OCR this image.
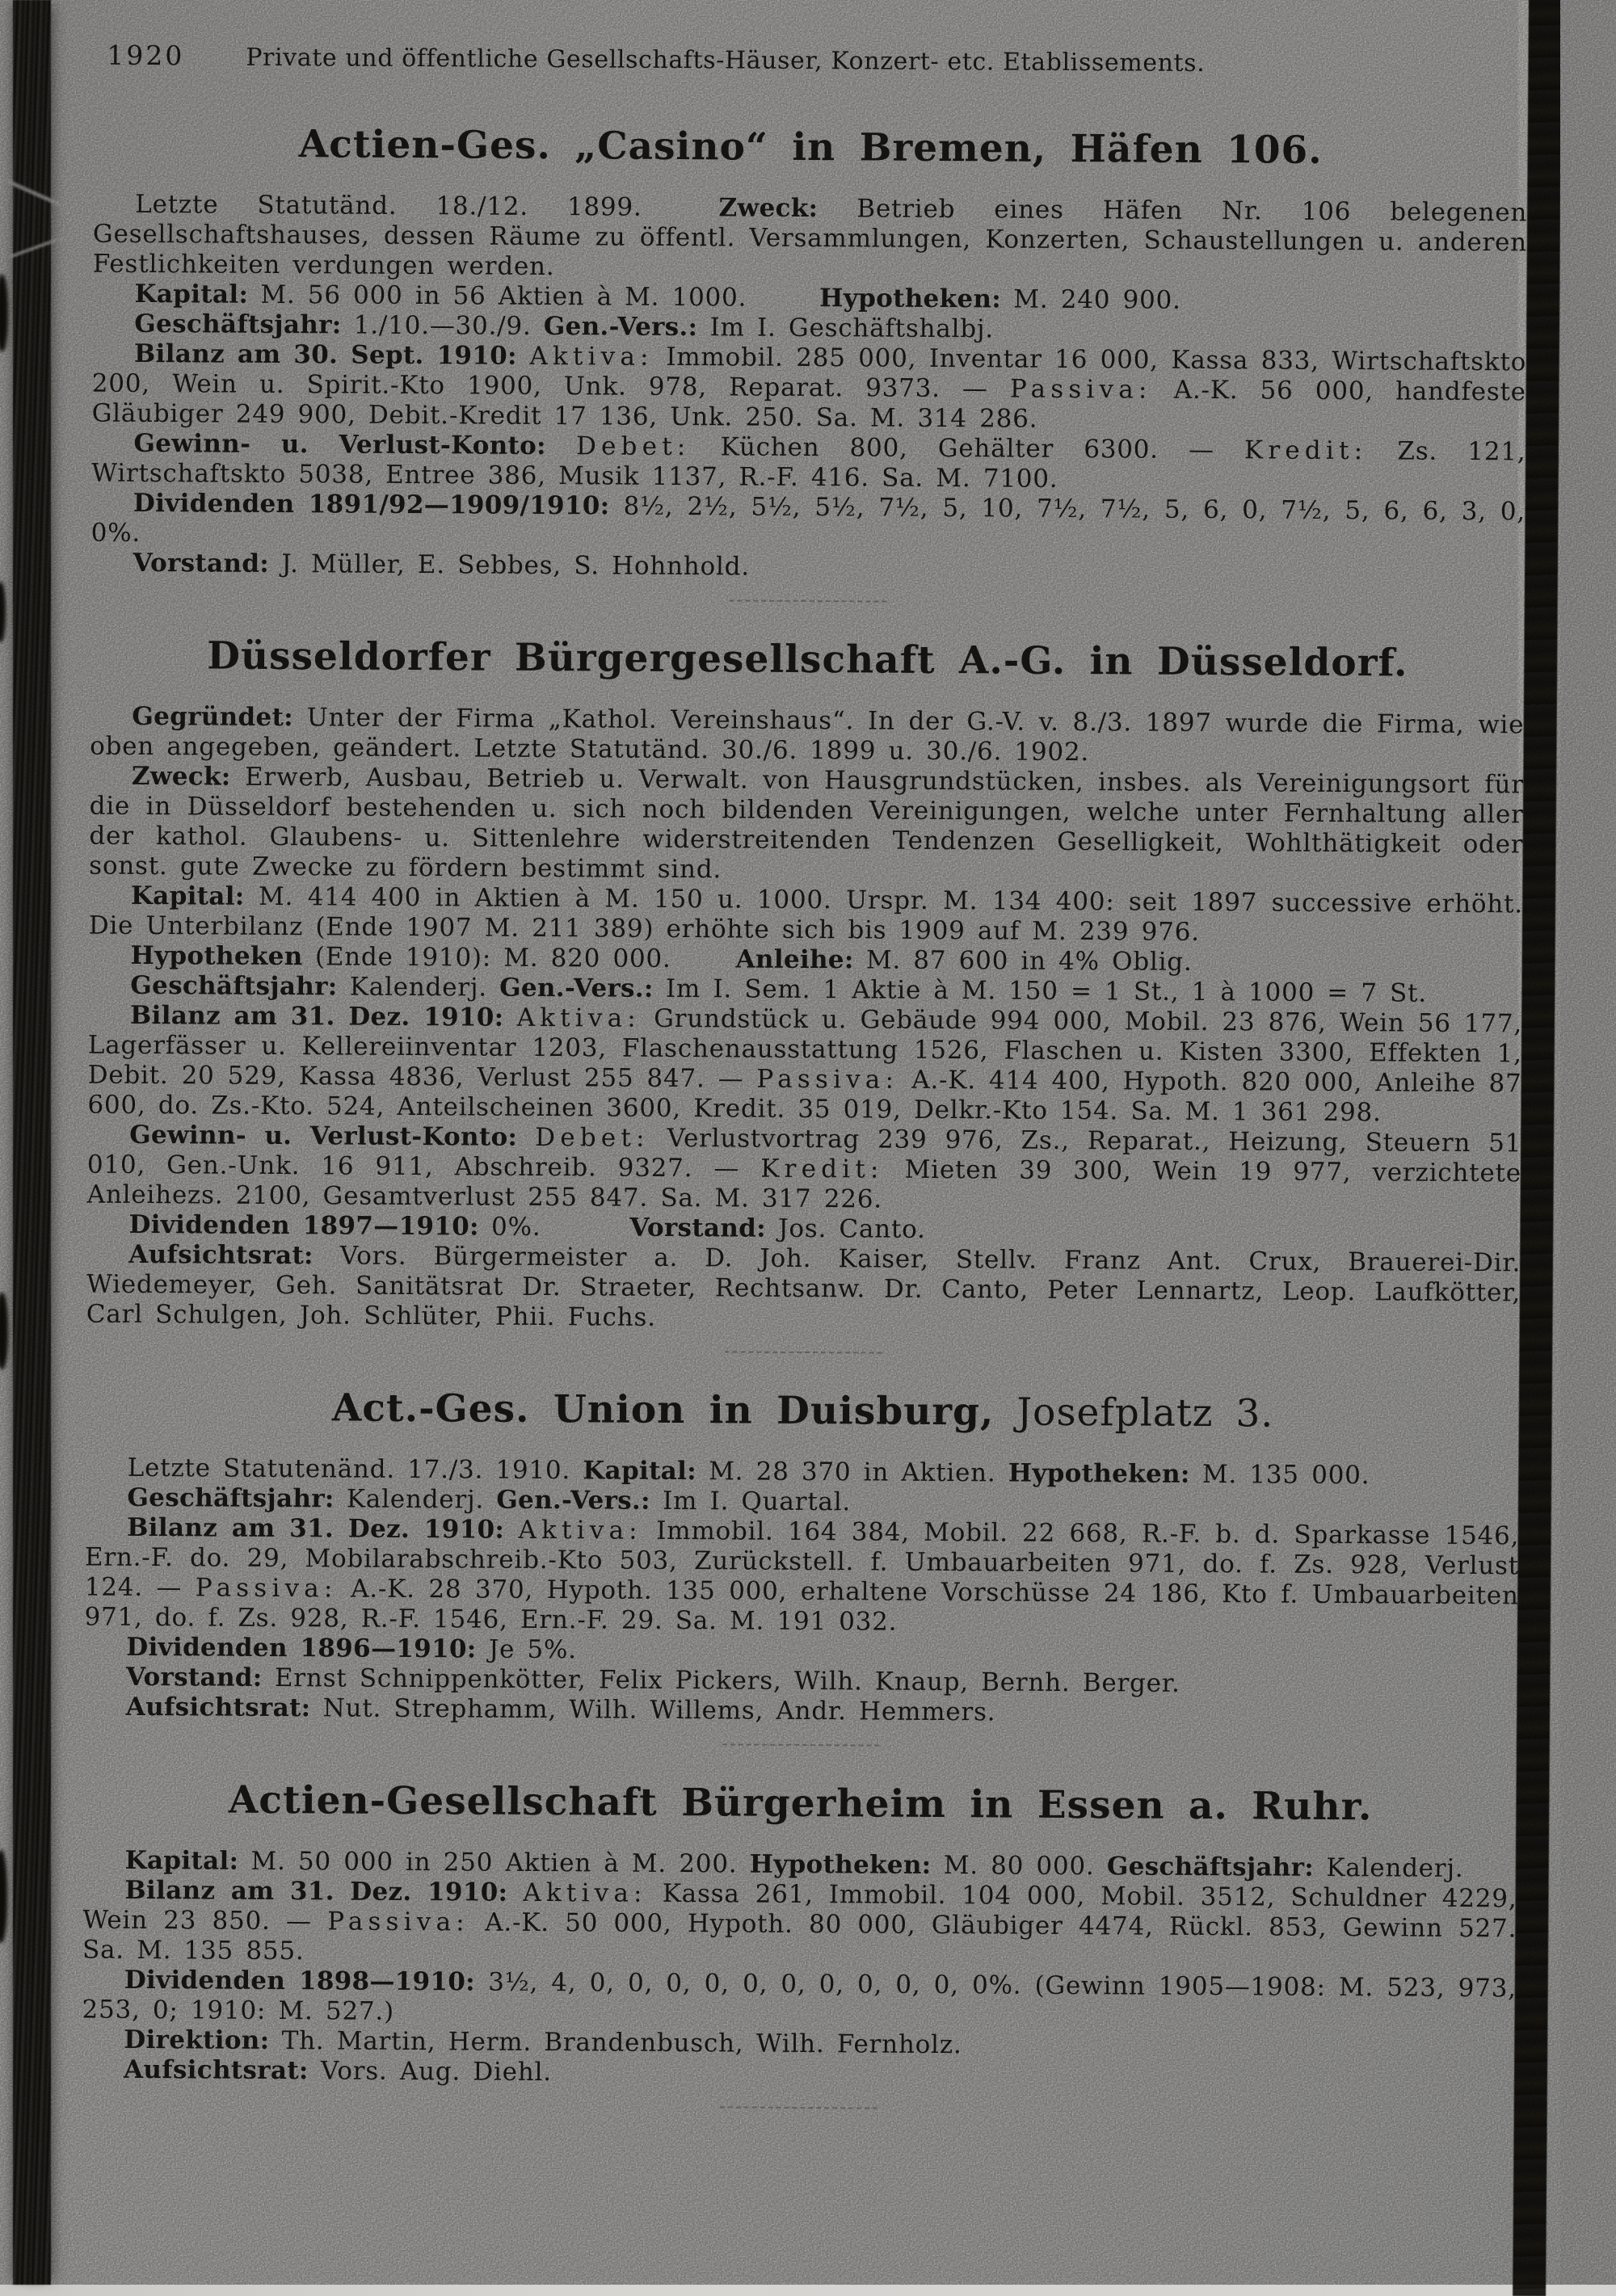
1920	Private und öffentliche Gesellschafts-Häuser, Konzert- etc. Etablissements.
Actien-Ges. „Casino“ in Bremen, Häfen 106.

Letzte Statutänd. 18./12. 1899.	Zweck: Betrieb eines Häfen Nr. 106 belegenen Gesellschaftshauses, dessen Räume zu öffentl. Versammlungen, Konzerten, Schaustellungen u. anderen Festlichkeiten verdungen werden.

Kapital: M. 56 000 in 56 Aktien à M. 1000.	Hypotheken: M. 240 900.

Geschäftsjahr: 1./10.—30./9. Gen.-Vers.: Im I. Geschäftshalbj.

Bilanz am 30. Sept. 1910: Aktiva: Immobil. 285 000, Inventar 16 000, Kassa 833, Wirtschaftskto 200, Wein u. Spirit.-Kto 1900, Unk. 978, Reparat. 9373. — Passiva: A.-K. 56 000, handfeste Gläubiger 249 900, Debit.-Kredit 17 136, Unk. 250. Sa. M. 314 286.

Gewinn- u. Verlust-Konto: Debet: Küchen 800, Gehälter 6300. — Kredit: Zs. 121, Wirtschaftskto 5038, Entree 386, Musik 1137, R.-F. 416. Sa. M. 7100.

Dividenden 1891/92—1909/1910: 8½, 2½, 5½, 5½, 7½, 5, 10, 7½, 7½, 5, 6, 0, 7½, 5, 6, 6, 3, 0, 0%.

Vorstand: J. Müller, E. Sebbes, S. Hohnhold.

Düsseldorfer Bürgergesellschaft A.-G. in Düsseldorf.

Gegründet: Unter der Firma „Kathol. Vereinshaus“. In der G.-V. v. 8./3. 1897 wurde die Firma, wie oben angegeben, geändert. Letzte Statutänd. 30./6. 1899 u. 30./6. 1902.

Zweck: Erwerb, Ausbau, Betrieb u. Verwalt. von Hausgrundstücken, insbes. als Vereinigungsort für die in Düsseldorf bestehenden u. sich noch bildenden Vereinigungen, welche unter Fernhaltung aller der kathol. Glaubens- u. Sittenlehre widerstreitenden Tendenzen Geselligkeit, Wohlthätigkeit oder sonst. gute Zwecke zu fördern bestimmt sind.

Kapital: M. 414 400 in Aktien à M. 150 u. 1000. Urspr. M. 134 400: seit 1897 successive erhöht. Die Unterbilanz (Ende 1907 M. 211 389) erhöhte sich bis 1909 auf M. 239 976.

Hypotheken (Ende 1910): M. 820 000.	Anleihe: M. 87 600 in 4% Oblig.

Geschäftsjahr: Kalenderj. Gen.-Vers.: Im I. Sem. 1 Aktie à M. 150 = 1 St., 1 à 1000 = 7 St.

Bilanz am 31. Dez. 1910: Aktiva: Grundstück u. Gebäude 994 000, Mobil. 23 876, Wein 56 177, Lagerfässer u. Kellereiinventar 1203, Flaschenausstattung 1526, Flaschen u. Kisten 3300, Effekten 1, Debit. 20 529, Kassa 4836, Verlust 255 847. — Passiva: A.-K. 414 400, Hypoth. 820 000, Anleihe 87 600, do. Zs.-Kto. 524, Anteilscheinen 3600, Kredit. 35 019, Delkr.-Kto 154. Sa. M. 1 361 298.

Gewinn- u. Verlust-Konto: Debet: Verlustvortrag 239 976, Zs., Reparat., Heizung, Steuern 51 010, Gen.-Unk. 16 911, Abschreib. 9327. — Kredit: Mieten 39 300, Wein 19 977, verzichtete Anleihezs. 2100, Gesamtverlust 255 847. Sa. M. 317 226.

Dividenden 1897—1910: 0%.	Vorstand: Jos. Canto.

Aufsichtsrat: Vors. Bürgermeister a. D. Joh. Kaiser, Stellv. Franz Ant. Crux, Brauerei-Dir. Wiedemeyer, Geh. Sanitätsrat Dr. Straeter, Rechtsanw. Dr. Canto, Peter Lennartz, Leop. Laufkötter, Carl Schulgen, Joh. Schlüter, Phii. Fuchs.

Act.-Ges. Union in Duisburg, Josefplatz 3.

Letzte Statutenänd. 17./3. 1910. Kapital: M. 28 370 in Aktien. Hypotheken: M. 135 000.

Geschäftsjahr: Kalenderj. Gen.-Vers.: Im I. Quartal.

Bilanz am 31. Dez. 1910: Aktiva: Immobil. 164 384, Mobil. 22 668, R.-F. b. d. Sparkasse 1546, Ern.-F. do. 29, Mobilarabschreib.-Kto 503, Zurückstell. f. Umbauarbeiten 971, do. f. Zs. 928, Verlust 124. — Passiva: A.-K. 28 370, Hypoth. 135 000, erhaltene Vorschüsse 24 186, Kto f. Umbauarbeiten 971, do. f. Zs. 928, R.-F. 1546, Ern.-F. 29. Sa. M. 191 032.

Dividenden 1896—1910: Je 5%.

Vorstand: Ernst Schnippenkötter, Felix Pickers, Wilh. Knaup, Bernh. Berger.

Aufsichtsrat: Nut. Strephamm, Wilh. Willems, Andr. Hemmers.

Actien-Gesellschaft Bürgerheim in Essen a. Ruhr.

Kapital: M. 50 000 in 250 Aktien à M. 200. Hypotheken: M. 80 000. Geschäftsjahr: Kalenderj.

Bilanz am 31. Dez. 1910: Aktiva: Kassa 261, Immobil. 104 000, Mobil. 3512, Schuldner 4229, Wein 23 850. — Passiva: A.-K. 50 000, Hypoth. 80 000, Gläubiger 4474, Rückl. 853, Gewinn 527. Sa. M. 135 855.

Dividenden 1898—1910: 3½, 4, 0, 0, 0, 0, 0, 0, 0, 0, 0, 0, 0%. (Gewinn 1905—1908: M. 523, 973, 253, 0; 1910: M. 527.)

Direktion: Th. Martin, Herm. Brandenbusch, Wilh. Fernholz.

Aufsichtsrat: Vors. Aug. Diehl.
